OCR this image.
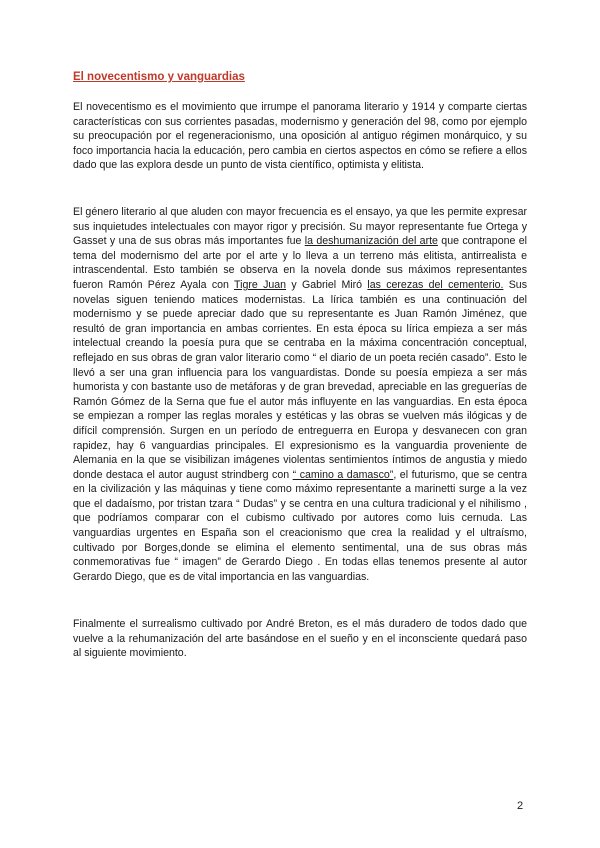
El novecentismo y vanguardias

El novecentismo es el movimiento que irrumpe el panorama literario y 1914 y comparte ciertas características con sus corrientes pasadas, modernismo y generación del 98, como por ejemplo su preocupación por el regeneracionismo, una oposición al antiguo régimen monárquico, y su foco importancia hacia la educación, pero cambia en ciertos aspectos en cómo se refiere a ellos dado que las explora desde un punto de vista científico, optimista y elitista.

El género literario al que aluden con mayor frecuencia es el ensayo, ya que les permite expresar sus inquietudes intelectuales con mayor rigor y precisión. Su mayor representante fue Ortega y Gasset y una de sus obras más importantes fue la deshumanización del arte que contrapone el tema del modernismo del arte por el arte y lo lleva a un terreno más elitista, antirrealista e intrascendental. Esto también se observa en la novela donde sus máximos representantes fueron Ramón Pérez Ayala con Tigre Juan y Gabriel Miró las cerezas del cementerio. Sus novelas siguen teniendo matices modernistas. La lírica también es una continuación del modernismo y se puede apreciar dado que su representante es Juan Ramón Jiménez, que resultó de gran importancia en ambas corrientes. En esta época su lírica empieza a ser más intelectual creando la poesía pura que se centraba en la máxima concentración conceptual, reflejado en sus obras de gran valor literario como “ el diario de un poeta recién casado”. Esto le llevó a ser una gran influencia para los vanguardistas. Donde su poesía empieza a ser más humorista y con bastante uso de metáforas y de gran brevedad, apreciable en las greguerías de Ramón Gómez de la Serna que fue el autor más influyente en las vanguardias. En esta época se empiezan a romper las reglas morales y estéticas y las obras se vuelven más ilógicas y de difícil comprensión. Surgen en un período de entreguerra en Europa y desvanecen con gran rapidez, hay 6 vanguardias principales. El expresionismo es la vanguardia proveniente de Alemania en la que se visibilizan imágenes violentas sentimientos íntimos de angustia y miedo donde destaca el autor august strindberg con “ camino a damasco”, el futurismo, que se centra en la civilización y las máquinas y tiene como máximo representante a marinetti surge a la vez que el dadaísmo, por tristan tzara “ Dudas” y se centra en una cultura tradicional y el nihilismo , que podríamos comparar con el cubismo cultivado por autores como luis cernuda. Las vanguardias urgentes en España son el creacionismo que crea la realidad y el ultraísmo, cultivado por Borges,donde se elimina el elemento sentimental, una de sus obras más conmemorativas fue “ imagen” de Gerardo Diego . En todas ellas tenemos presente al autor Gerardo Diego, que es de vital importancia en las vanguardias.

Finalmente el surrealismo cultivado por André Breton, es el más duradero de todos dado que vuelve a la rehumanización del arte basándose en el sueño y en el inconsciente quedará paso al siguiente movimiento.

2
